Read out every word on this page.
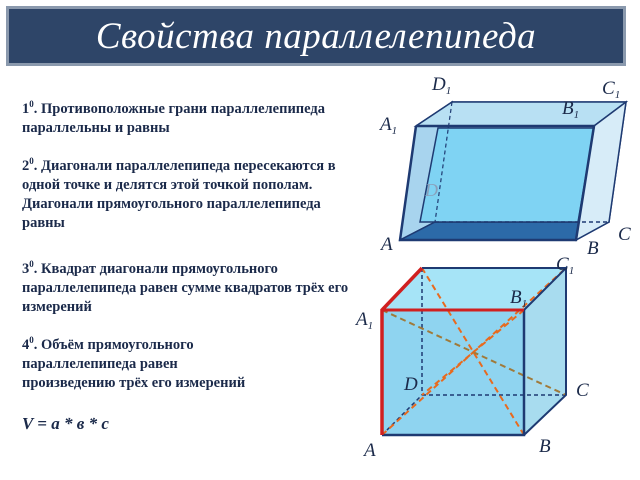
Свойства параллелепипеда
$1^0$. Противоположные грани параллелепипеда параллельны и равны
$2^0$. Диагонали параллелепипеда пересекаются в одной точке и делятся этой точкой пополам. Диагонали прямоугольного параллелепипеда равны
$3^0$. Квадрат диагонали прямоугольного параллелепипеда равен сумме квадратов трёх его измерений
$4^0$. Объём прямоугольного параллелепипеда равен произведению трёх его измерений
V = a * в * c
$D_1$	$C_1$
$B_1$
$A_1$
D
C
A	B
$C_1$
$B_1$
$A_1$
D	C
A	B
